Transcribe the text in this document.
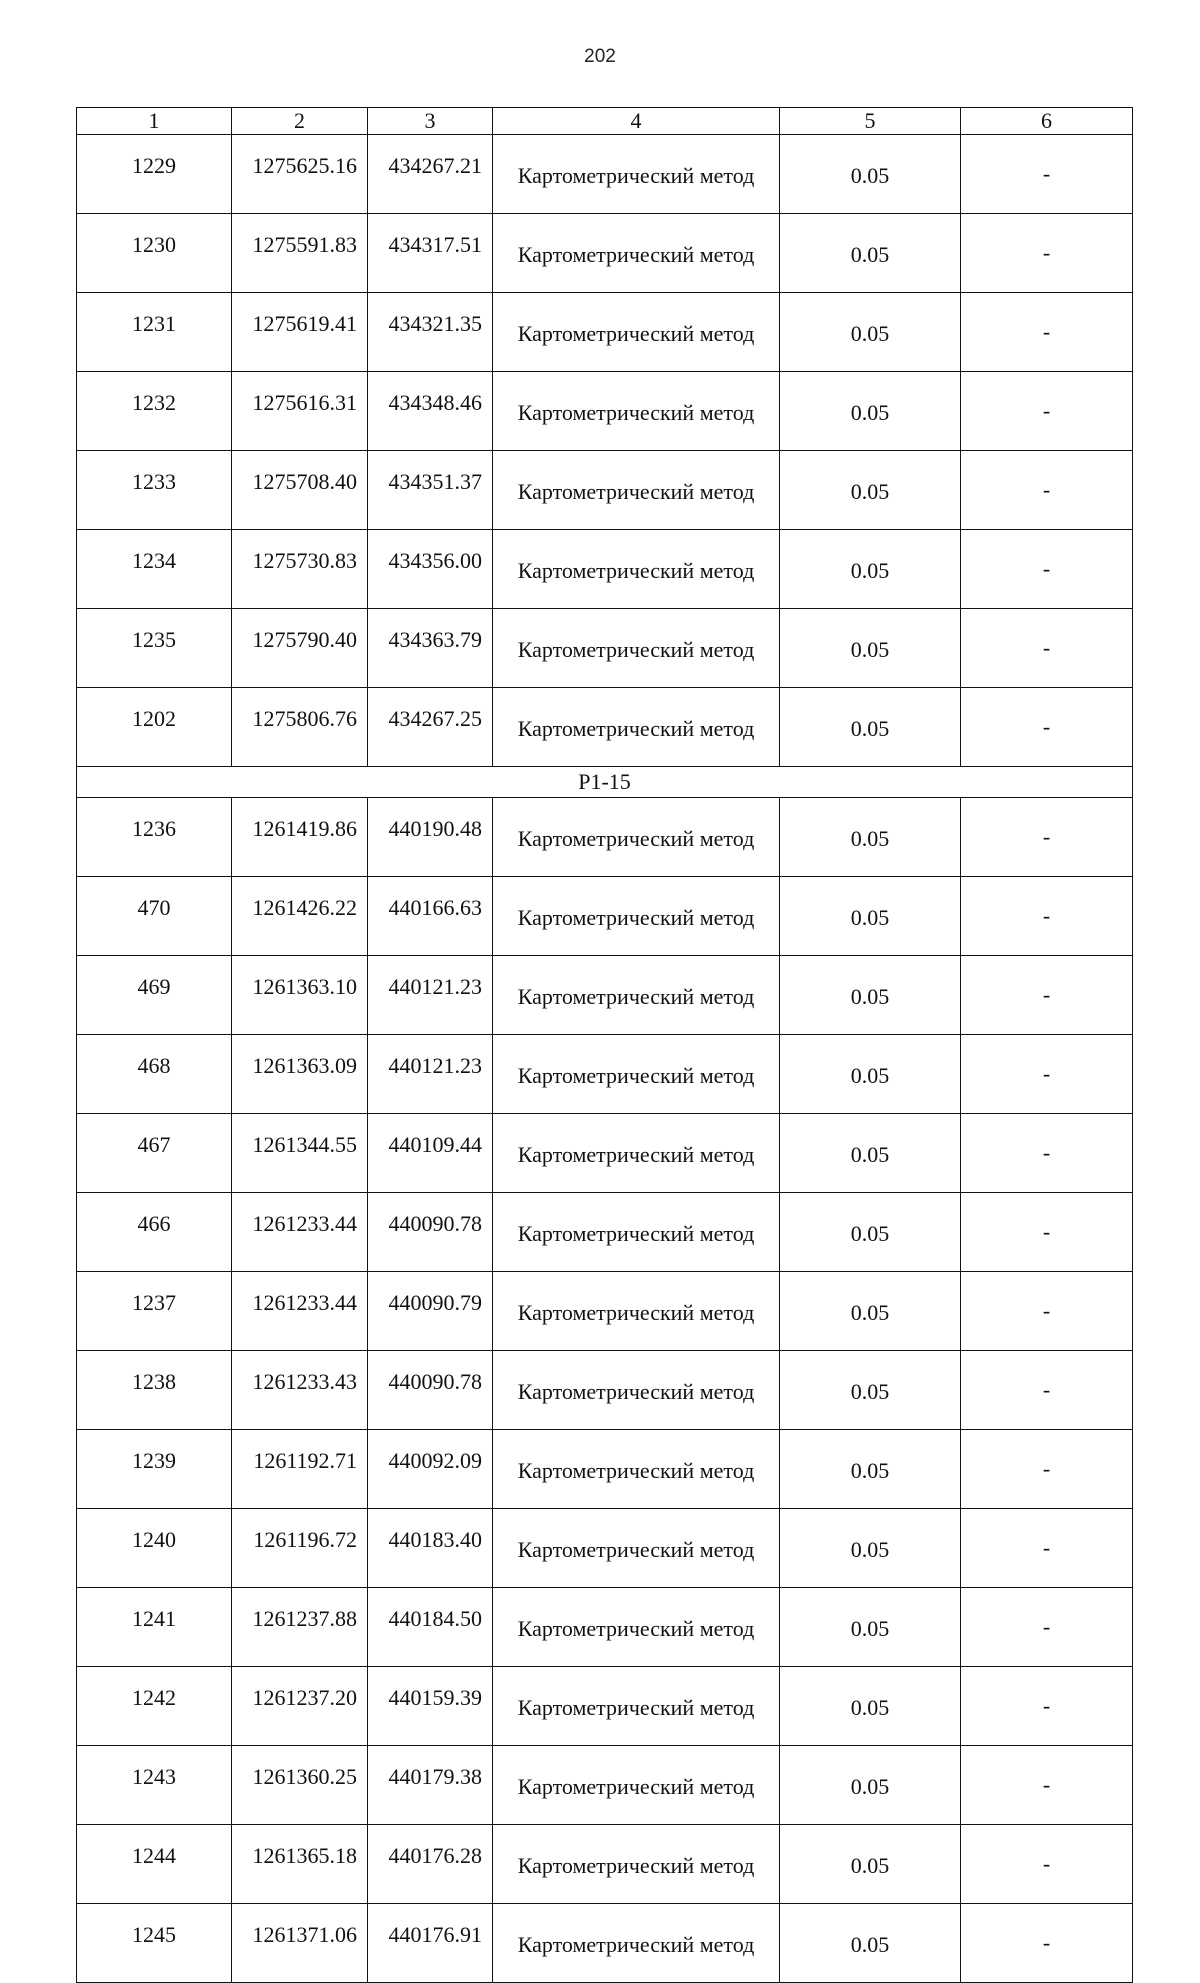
202
1	2	3	4	5	6
1229	1275625.16	434267.21	Картометрический метод	0.05	-
1230	1275591.83	434317.51	Картометрический метод	0.05	-
1231	1275619.41	434321.35	Картометрический метод	0.05	-
1232	1275616.31	434348.46	Картометрический метод	0.05	-
1233	1275708.40	434351.37	Картометрический метод	0.05	-
1234	1275730.83	434356.00	Картометрический метод	0.05	-
1235	1275790.40	434363.79	Картометрический метод	0.05	-
1202	1275806.76	434267.25	Картометрический метод	0.05	-
Р1-15					
1236	1261419.86	440190.48	Картометрический метод	0.05	-
470	1261426.22	440166.63	Картометрический метод	0.05	-
469	1261363.10	440121.23	Картометрический метод	0.05	-
468	1261363.09	440121.23	Картометрический метод	0.05	-
467	1261344.55	440109.44	Картометрический метод	0.05	-
466	1261233.44	440090.78	Картометрический метод	0.05	-
1237	1261233.44	440090.79	Картометрический метод	0.05	-
1238	1261233.43	440090.78	Картометрический метод	0.05	-
1239	1261192.71	440092.09	Картометрический метод	0.05	-
1240	1261196.72	440183.40	Картометрический метод	0.05	-
1241	1261237.88	440184.50	Картометрический метод	0.05	-
1242	1261237.20	440159.39	Картометрический метод	0.05	-
1243	1261360.25	440179.38	Картометрический метод	0.05	-
1244	1261365.18	440176.28	Картометрический метод	0.05	-
1245	1261371.06	440176.91	Картометрический метод	0.05	-
